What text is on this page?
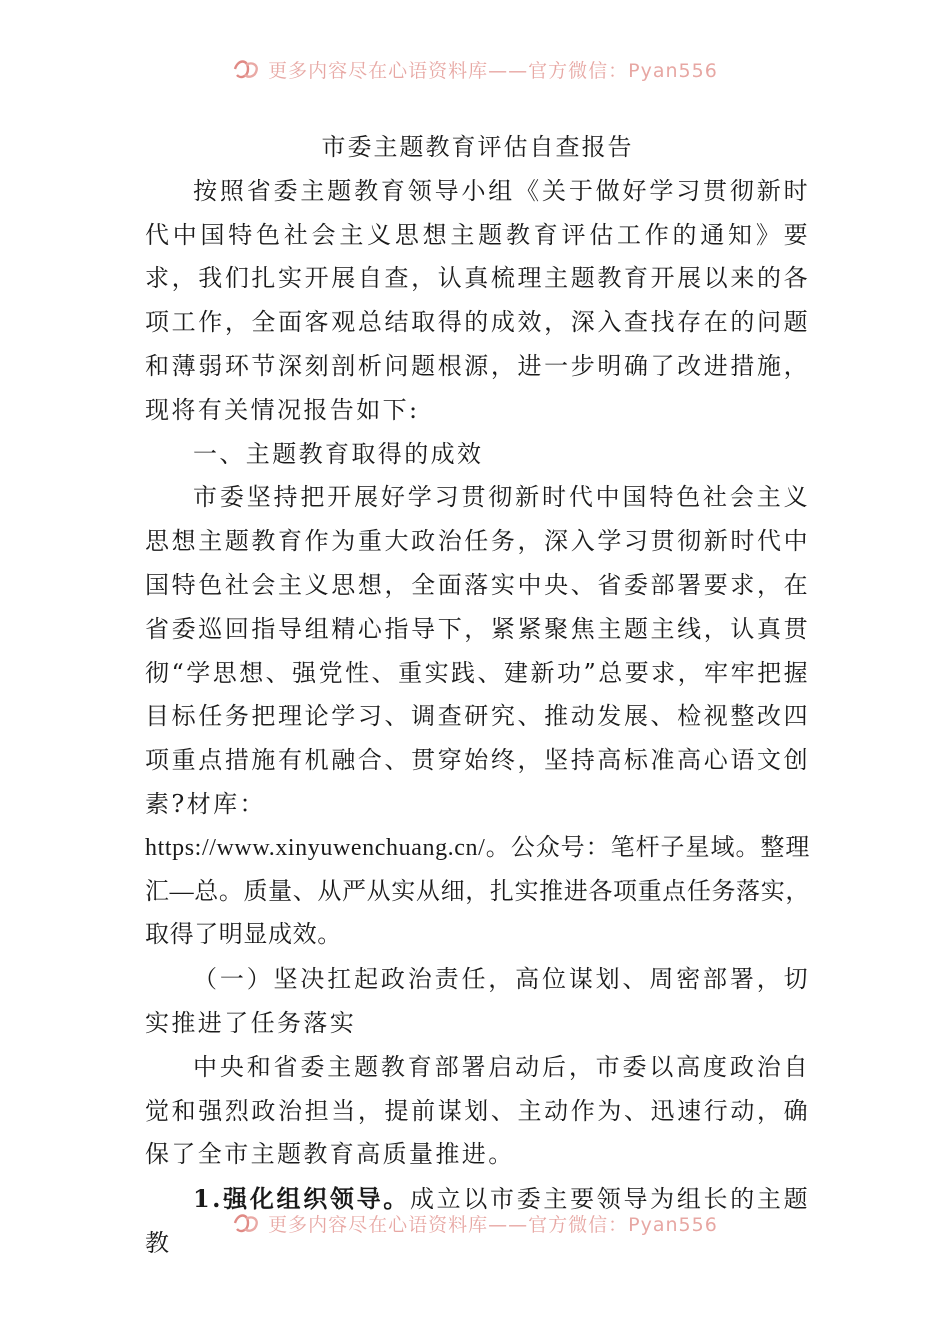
更多内容尽在心语资料库——官方微信：Pyan556

市委主题教育评估自查报告

按照省委主题教育领导小组《关于做好学习贯彻新时代中国特色社会主义思想主题教育评估工作的通知》要求，我们扎实开展自查，认真梳理主题教育开展以来的各项工作，全面客观总结取得的成效，深入查找存在的问题和薄弱环节深刻剖析问题根源，进一步明确了改进措施，现将有关情况报告如下:

一、主题教育取得的成效

市委坚持把开展好学习贯彻新时代中国特色社会主义思想主题教育作为重大政治任务，深入学习贯彻新时代中国特色社会主义思想，全面落实中央、省委部署要求，在省委巡回指导组精心指导下，紧紧聚焦主题主线，认真贯彻“学思想、强党性、重实践、建新功”总要求，牢牢把握目标任务把理论学习、调查研究、推动发展、检视整改四项重点措施有机融合、贯穿始终，坚持高标准高心语文创素?材库：

https://www.xinyuwenchuang.cn/。公众号：笔杆子星域。整理汇—总。质量、从严从实从细，扎实推进各项重点任务落实，取得了明显成效。

（一）坚决扛起政治责任，高位谋划、周密部署，切实推进了任务落实

中央和省委主题教育部署启动后，市委以高度政治自觉和强烈政治担当，提前谋划、主动作为、迅速行动，确保了全市主题教育高质量推进。

1.强化组织领导。成立以市委主要领导为组长的主题教

更多内容尽在心语资料库——官方微信：Pyan556
